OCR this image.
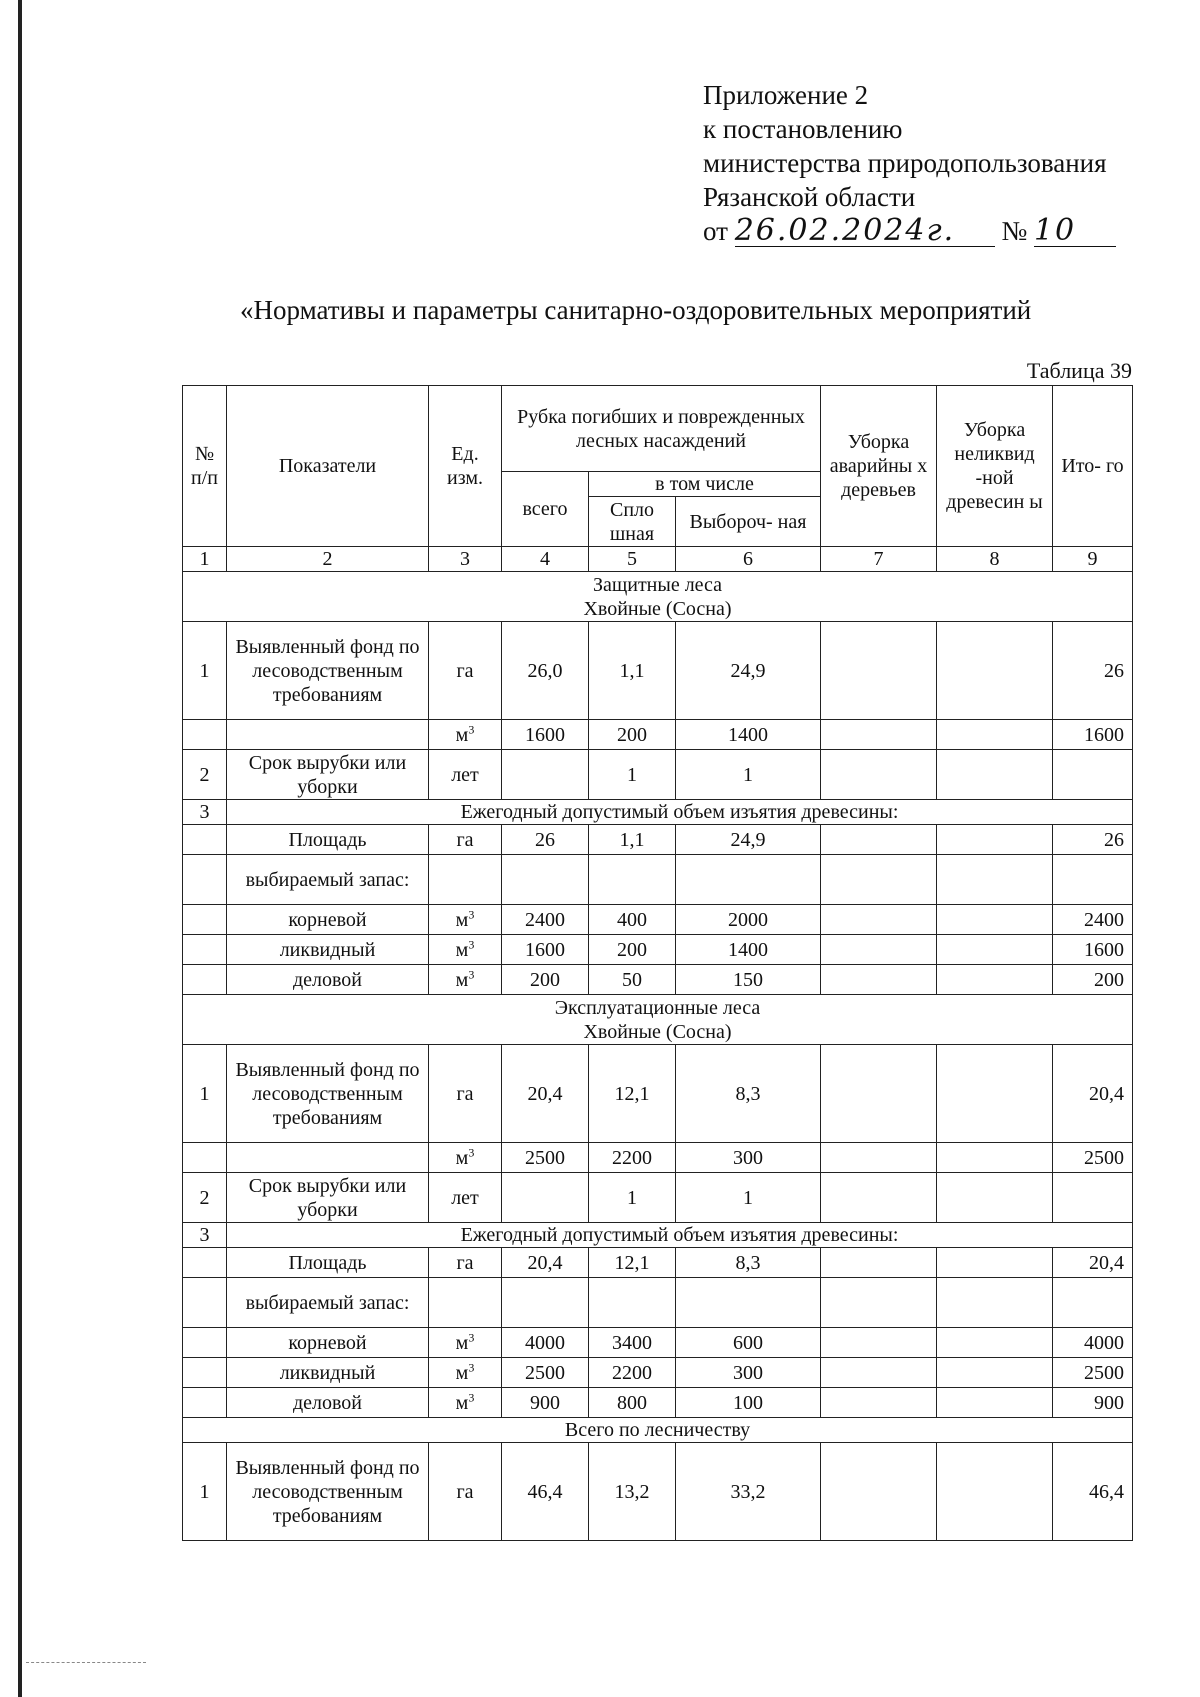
Приложение 2
к постановлению
министерства природопользования
Рязанской области
от 26.02.2024г. № 10
«Нормативы и параметры санитарно-оздоровительных мероприятий
Таблица 39
№ п/п	Показатели	Ед. изм.	Рубка погибших и поврежденных лесных насаждений			Уборка аварийны х деревьев	Уборка неликвид -ной древесин ы	Ито- го
			всего	в том числе				
				Спло шная	Выбороч- ная			
1	2	3	4	5	6	7	8	9

Защитные леса
Хвойные (Сосна)								

1	Выявленный фонд по лесоводственным требованиям	га	26,0	1,1	24,9			26
		$м^3$	1600	200	1400			1600
2	Срок вырубки или уборки	лет		1	1			
3	Ежегодный допустимый объем изъятия древесины:							
	Площадь	га	26	1,1	24,9			26
	выбираемый запас:							
	корневой	$м^3$	2400	400	2000			2400
	ликвидный	$м^3$	1600	200	1400			1600
	деловой	$м^3$	200	50	150			200

Эксплуатационные леса
Хвойные (Сосна)								

1	Выявленный фонд по лесоводственным требованиям	га	20,4	12,1	8,3			20,4
		$м^3$	2500	2200	300			2500
2	Срок вырубки или уборки	лет		1	1			
3	Ежегодный допустимый объем изъятия древесины:							
	Площадь	га	20,4	12,1	8,3			20,4
	выбираемый запас:							
	корневой	$м^3$	4000	3400	600			4000
	ликвидный	$м^3$	2500	2200	300			2500
	деловой	$м^3$	900	800	100			900
Всего по лесничеству								
1	Выявленный фонд по лесоводственным требованиям	га	46,4	13,2	33,2			46,4
